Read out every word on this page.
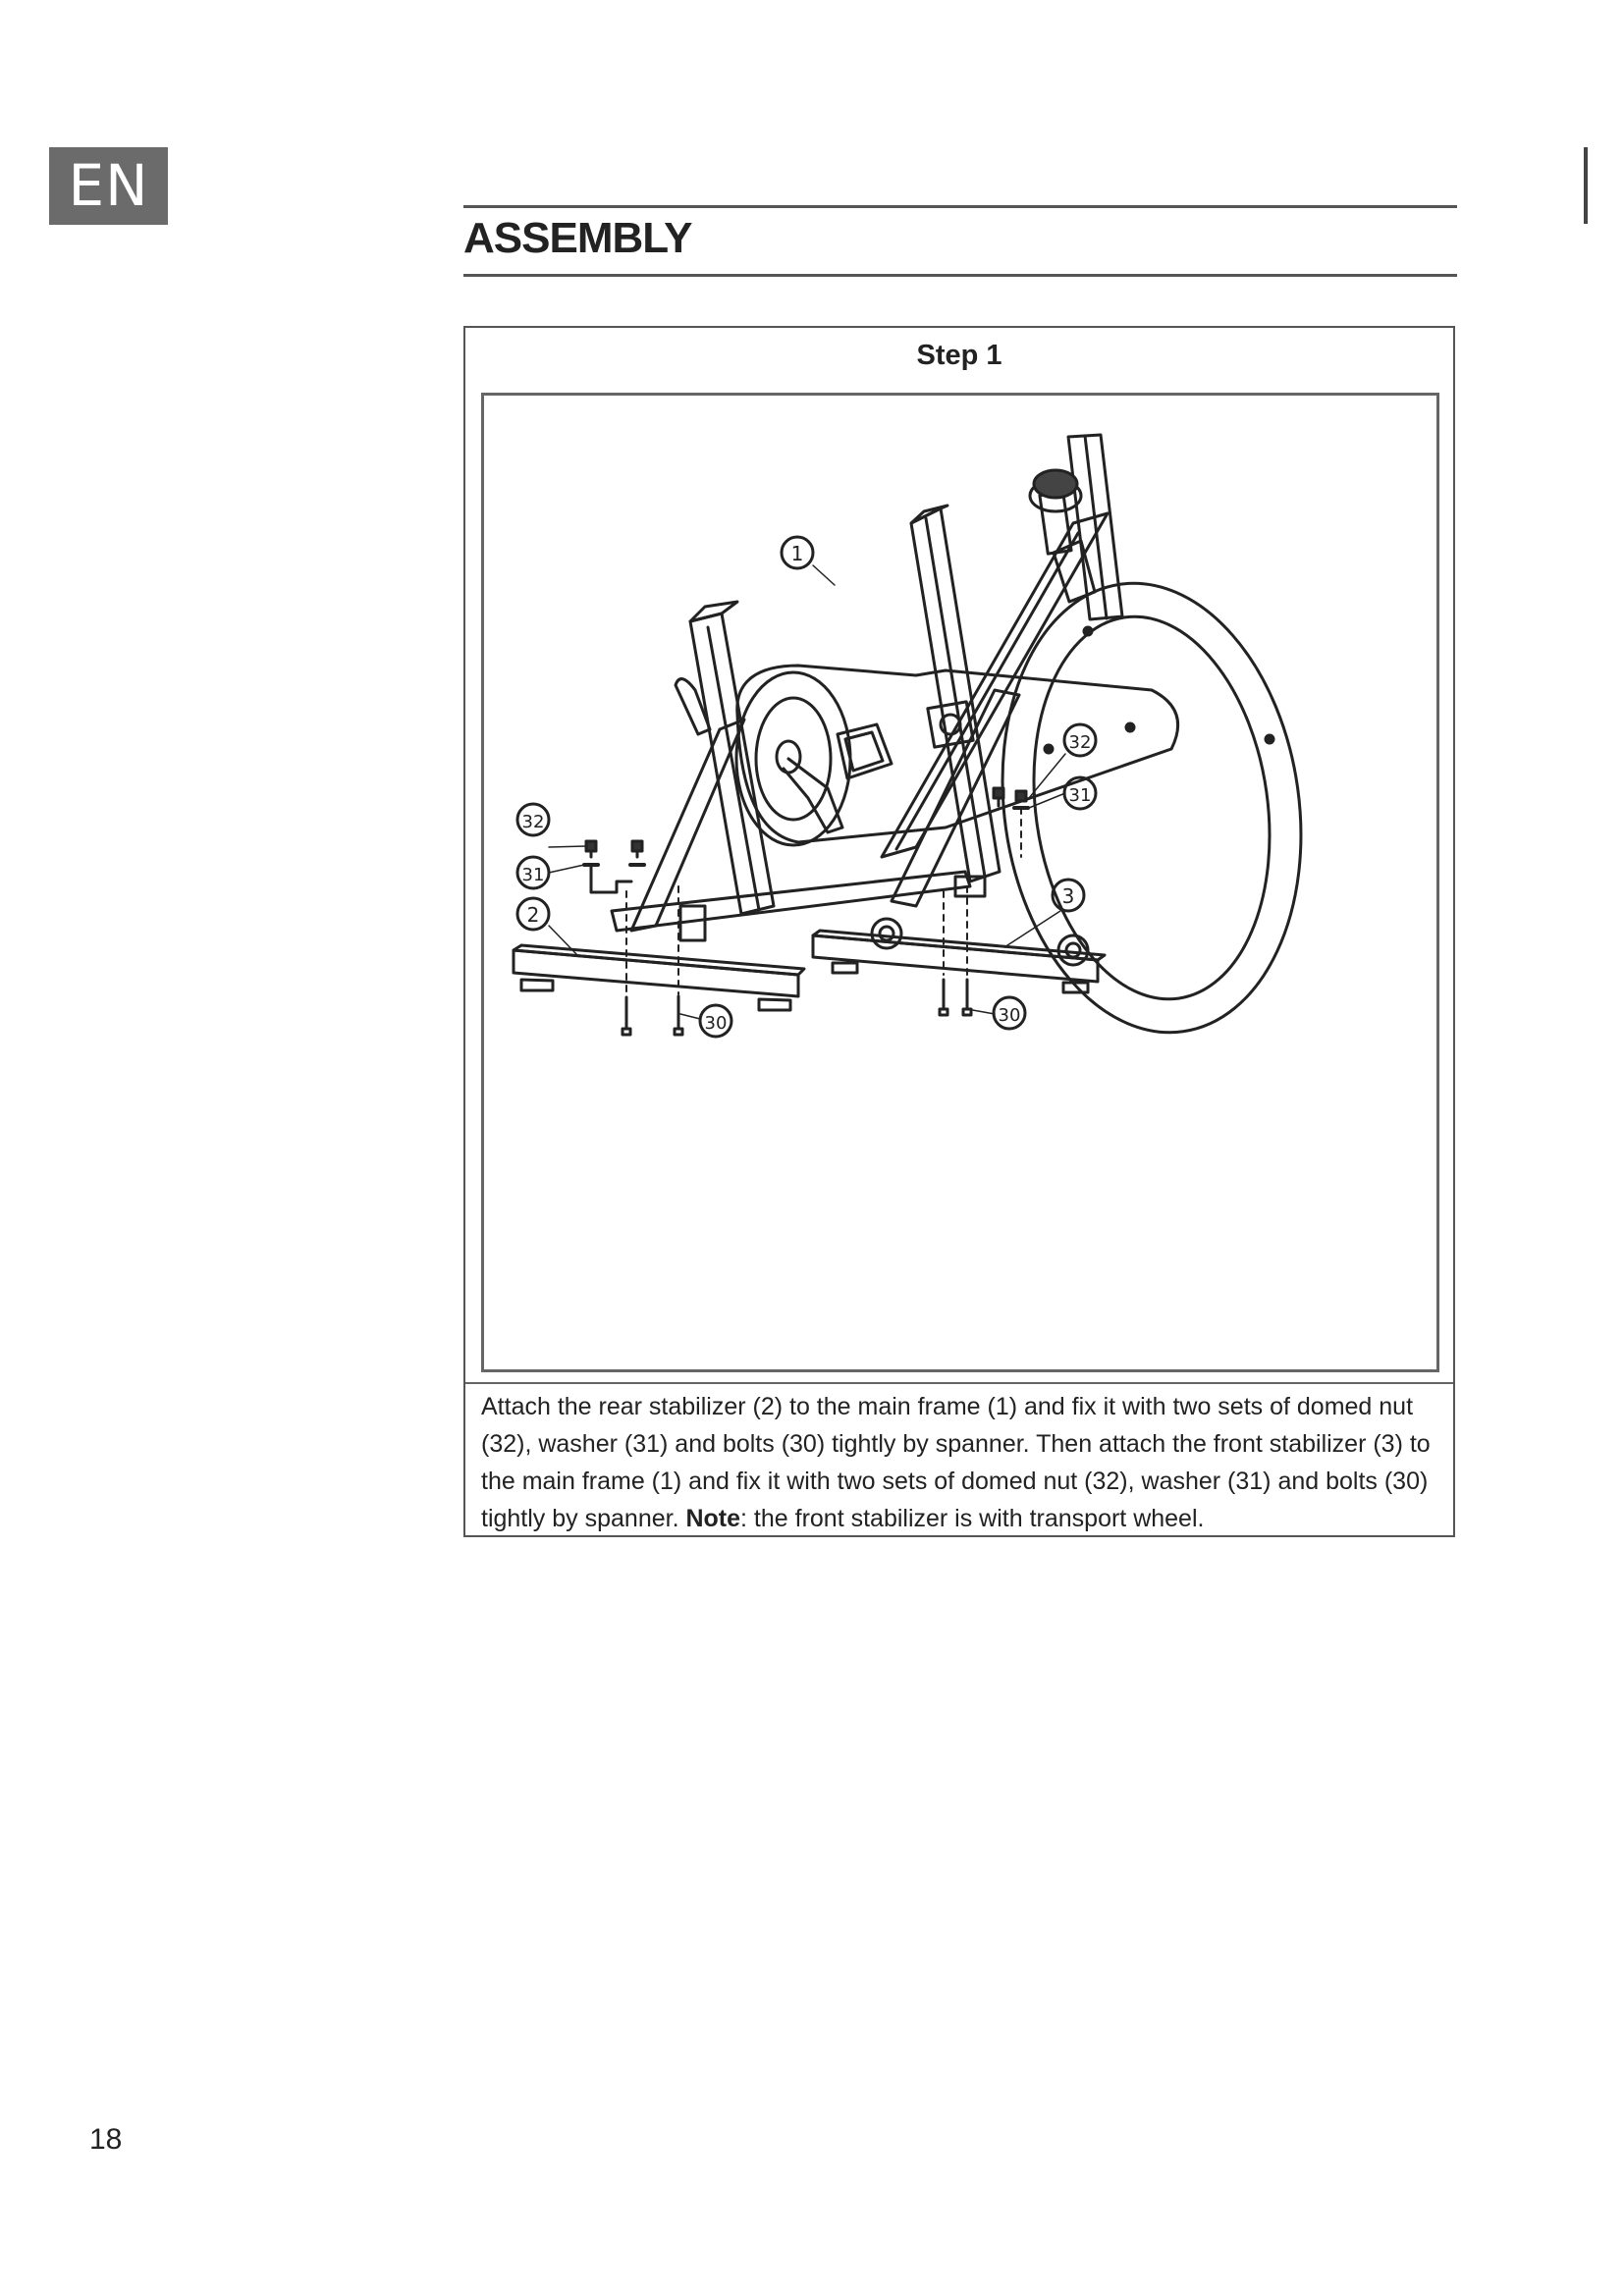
EN
ASSEMBLY
Step 1
1
32
31
2
30
32
31
3
30

Attach the rear stabilizer (2) to the main frame (1) and fix it with two sets of domed nut (32), washer (31) and bolts (30) tightly by spanner. Then attach the front stabilizer (3) to the main frame (1) and fix it with two sets of domed nut (32), washer (31) and bolts (30) tightly by spanner. Note: the front stabilizer is with transport wheel.

18
